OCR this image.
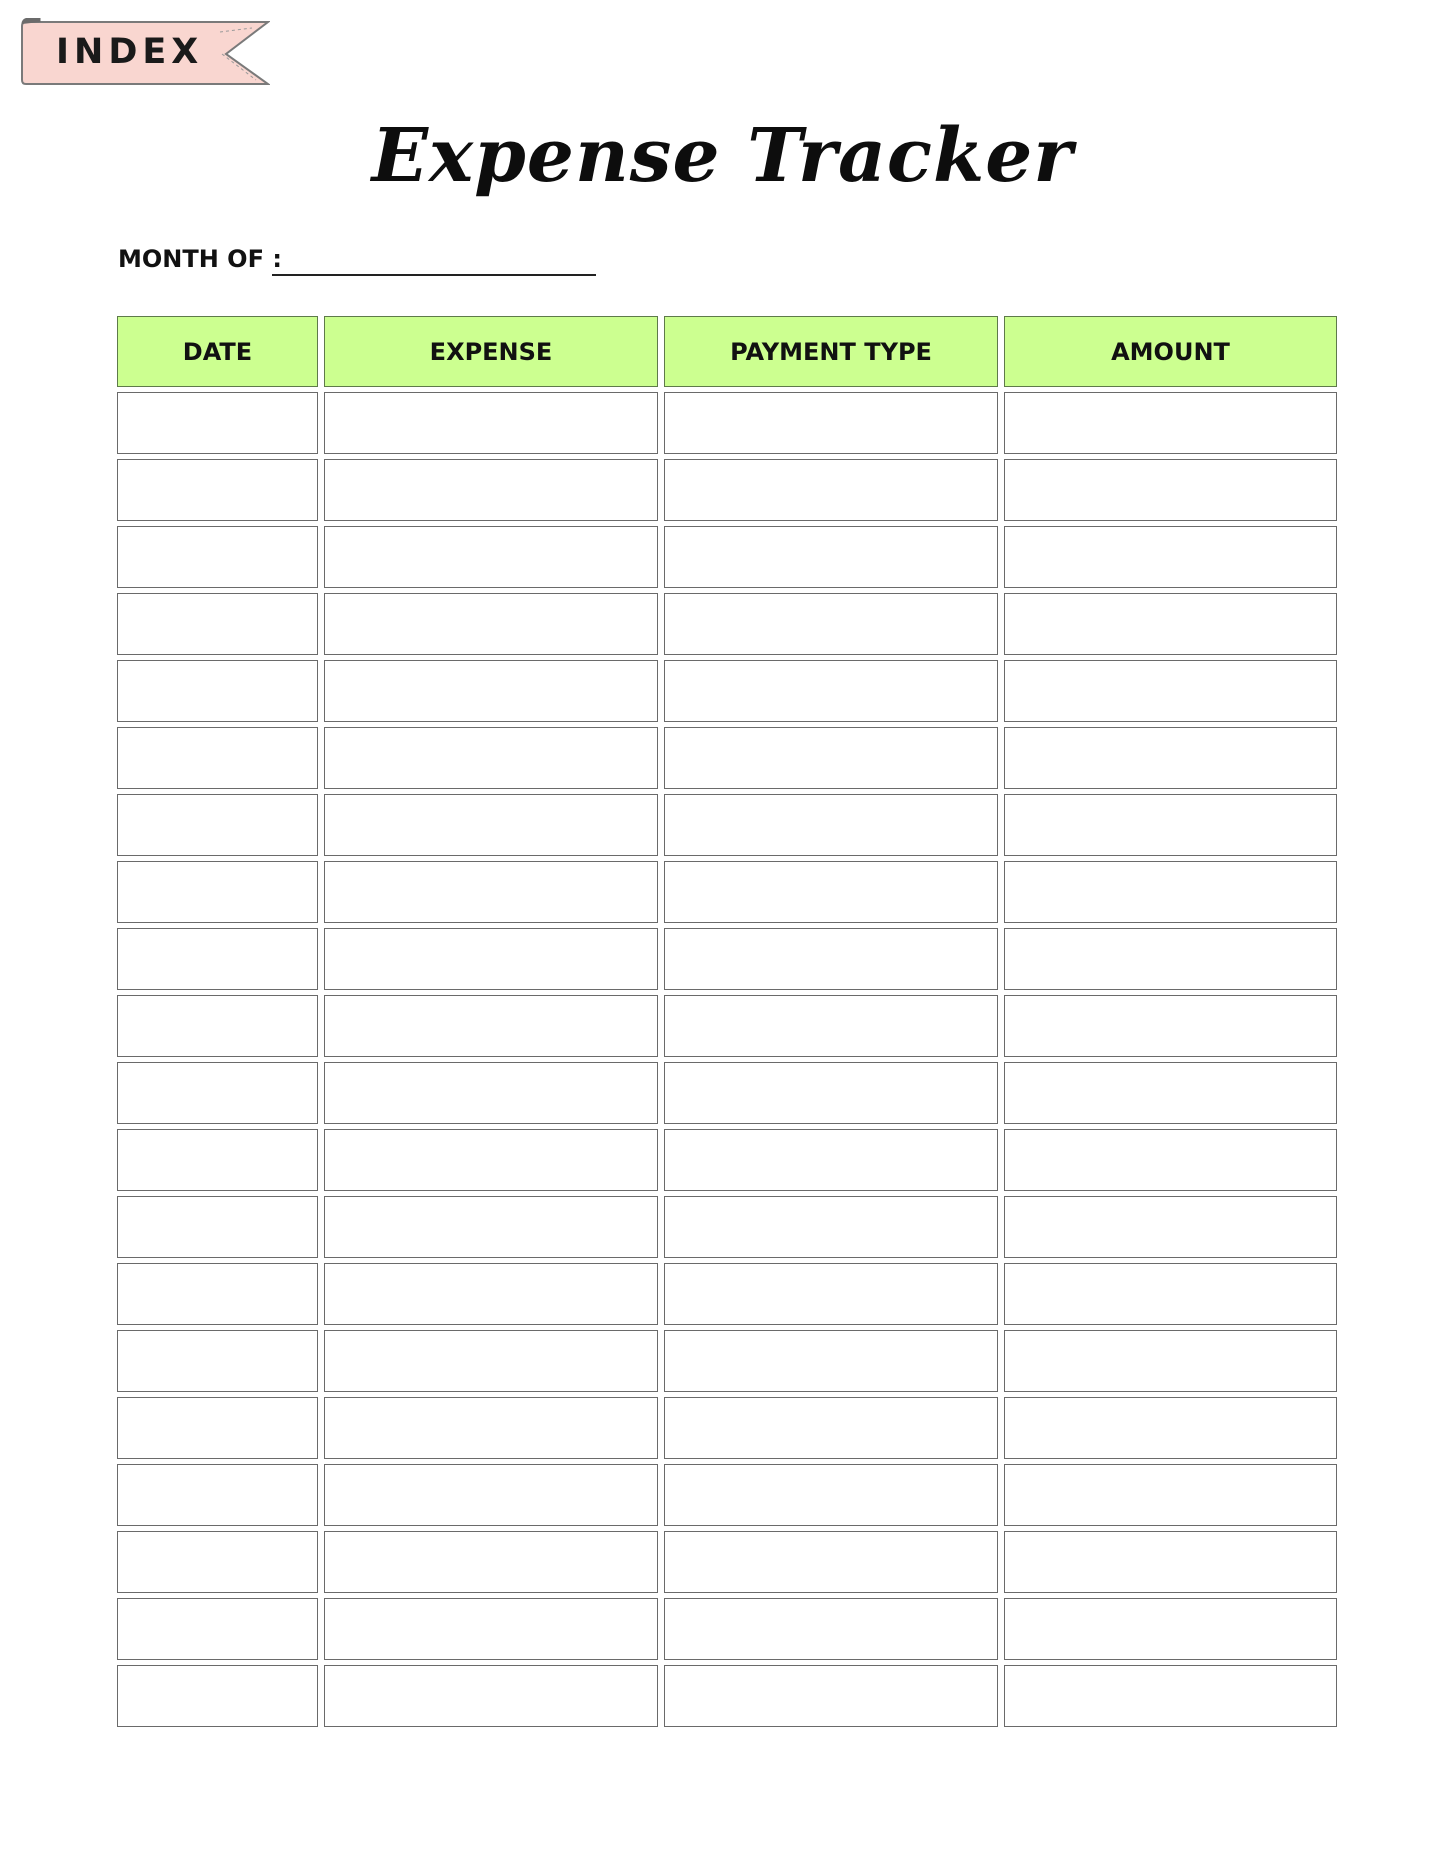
INDEX
Expense Tracker
MONTH OF :
DATE	EXPENSE	PAYMENT TYPE	AMOUNT
